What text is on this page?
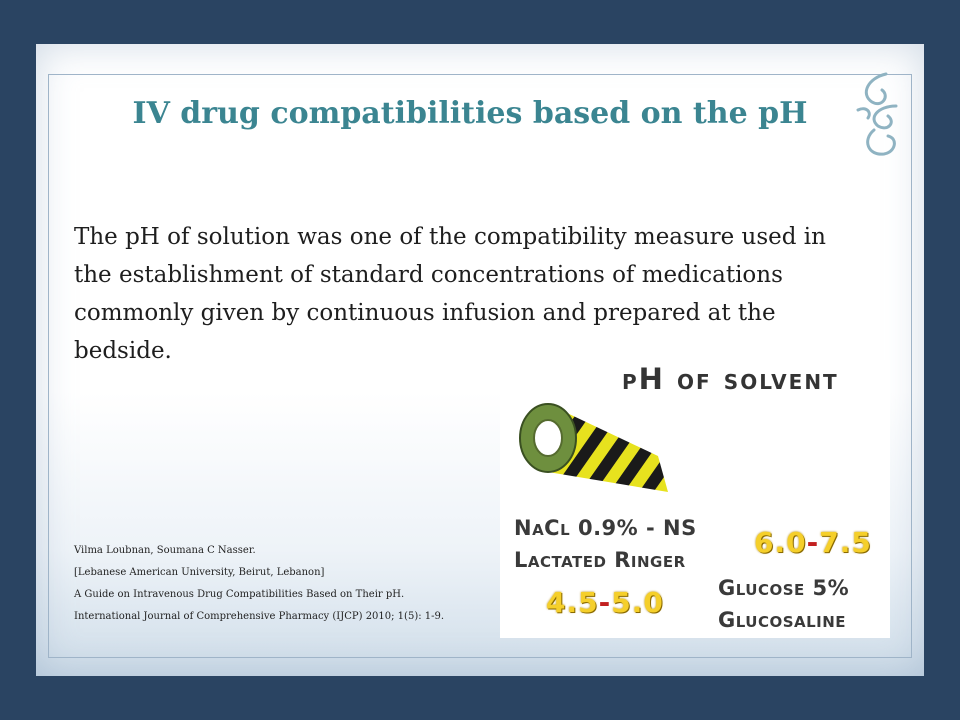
IV drug compatibilities based on the pH
The pH of solution was one of the compatibility measure used in the establishment of standard concentrations of medications commonly given by continuous infusion and prepared at the bedside.
pH of solvent
NaCl 0.9% - NS
Lactated Ringer
6.0-7.5
Glucose 5%
Glucosaline
4.5-5.0
Vilma Loubnan, Soumana C Nasser.
[Lebanese American University, Beirut, Lebanon]
A Guide on Intravenous Drug Compatibilities Based on Their pH.
International Journal of Comprehensive Pharmacy (IJCP) 2010; 1(5): 1-9.
